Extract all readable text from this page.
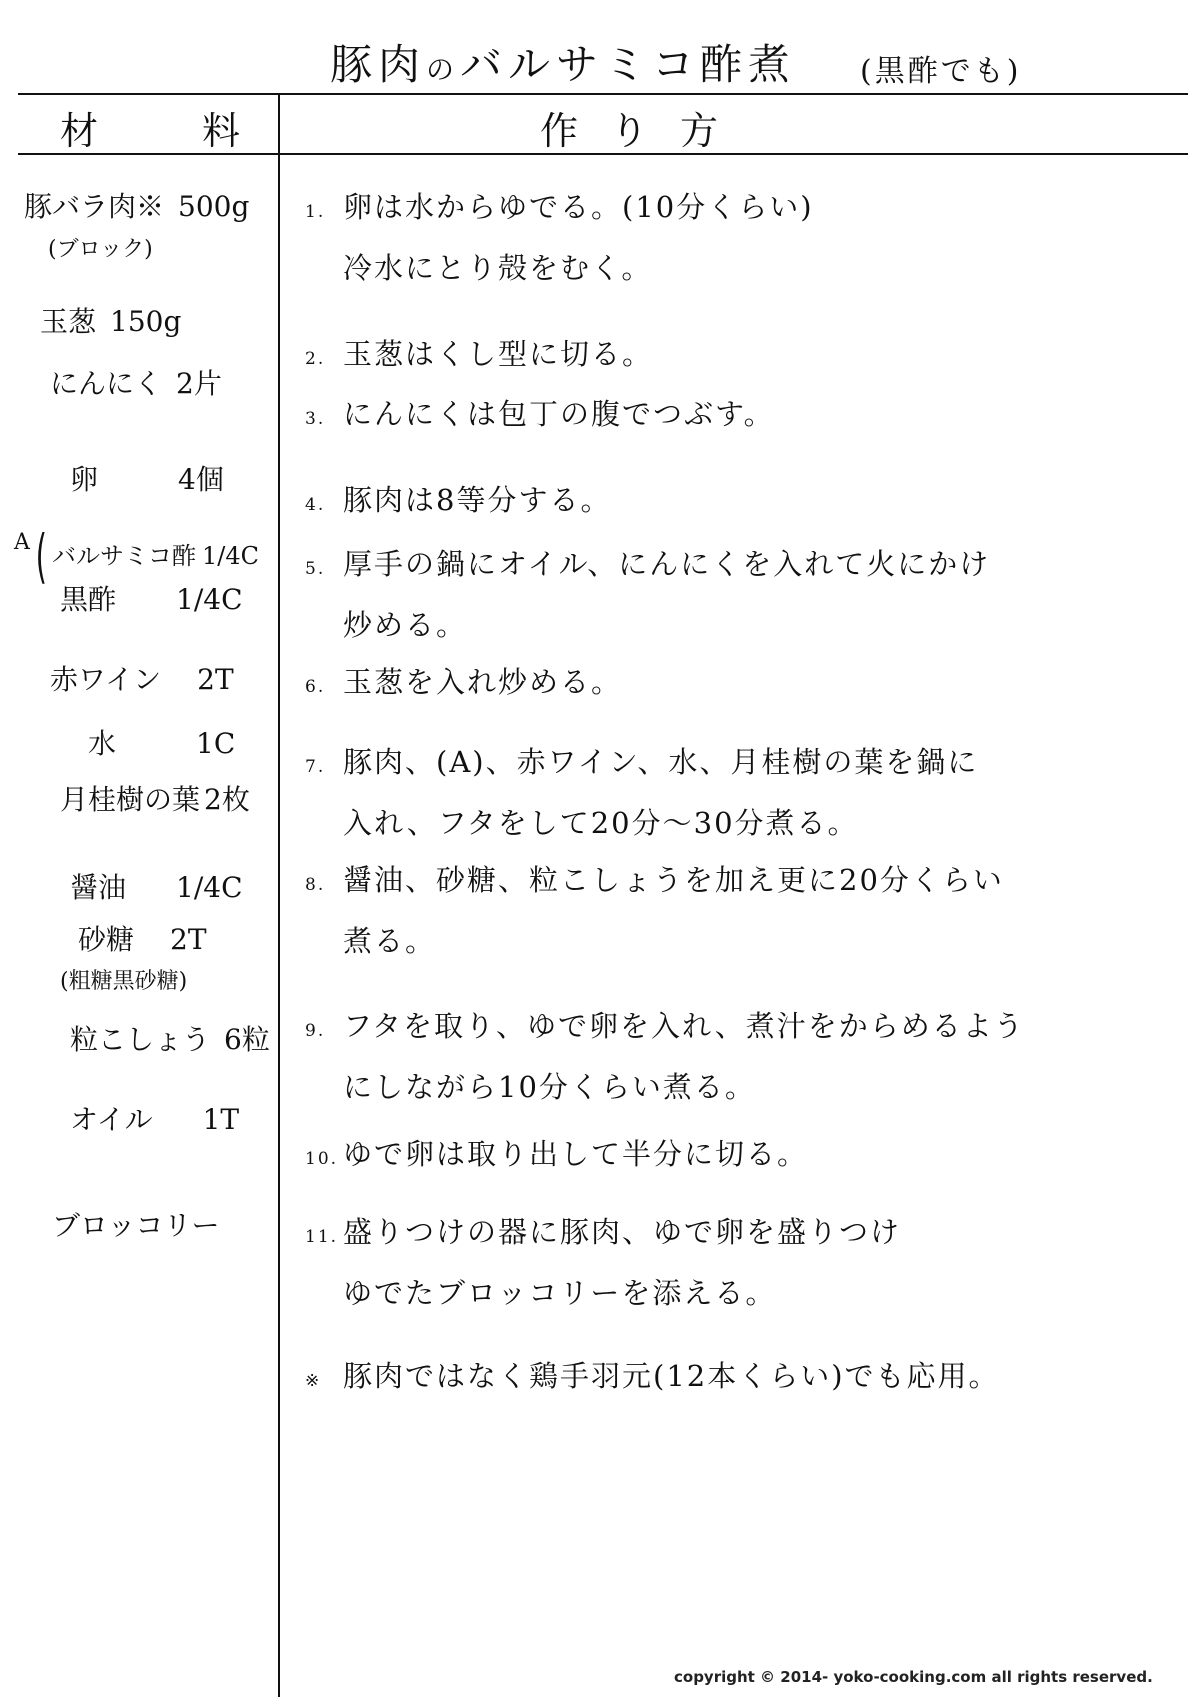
豚肉のバルサミコ酢煮 (黒酢でも)
材	料	作り方
豚バラ肉※ 500g
(ブロック)
玉葱 150g
にんにく 2片
卵	4個
A ( バルサミコ酢 1/4C
黒酢 1/4C
赤ワイン 2T
水	1C
月桂樹の葉 2枚
醤油 1/4C
砂糖 2T
(粗糖黒砂糖)
粒こしょう 6粒
オイル 1T
ブロッコリー
1. 卵は水からゆでる。(10分くらい)
冷水にとり殻をむく。
2. 玉葱はくし型に切る。
3. にんにくは包丁の腹でつぶす。
4. 豚肉は8等分する。
5. 厚手の鍋にオイル、にんにくを入れて火にかけ
炒める。
6. 玉葱を入れ炒める。
7. 豚肉、(A)、赤ワイン、水、月桂樹の葉を鍋に
入れ、フタをして20分〜30分煮る。
8. 醤油、砂糖、粒こしょうを加え更に20分くらい
煮る。
9. フタを取り、ゆで卵を入れ、煮汁をからめるよう
にしながら10分くらい煮る。
10. ゆで卵は取り出して半分に切る。
11. 盛りつけの器に豚肉、ゆで卵を盛りつけ
ゆでたブロッコリーを添える。
※ 豚肉ではなく鶏手羽元(12本くらい)でも応用。
copyright © 2014- yoko-cooking.com all rights reserved.
